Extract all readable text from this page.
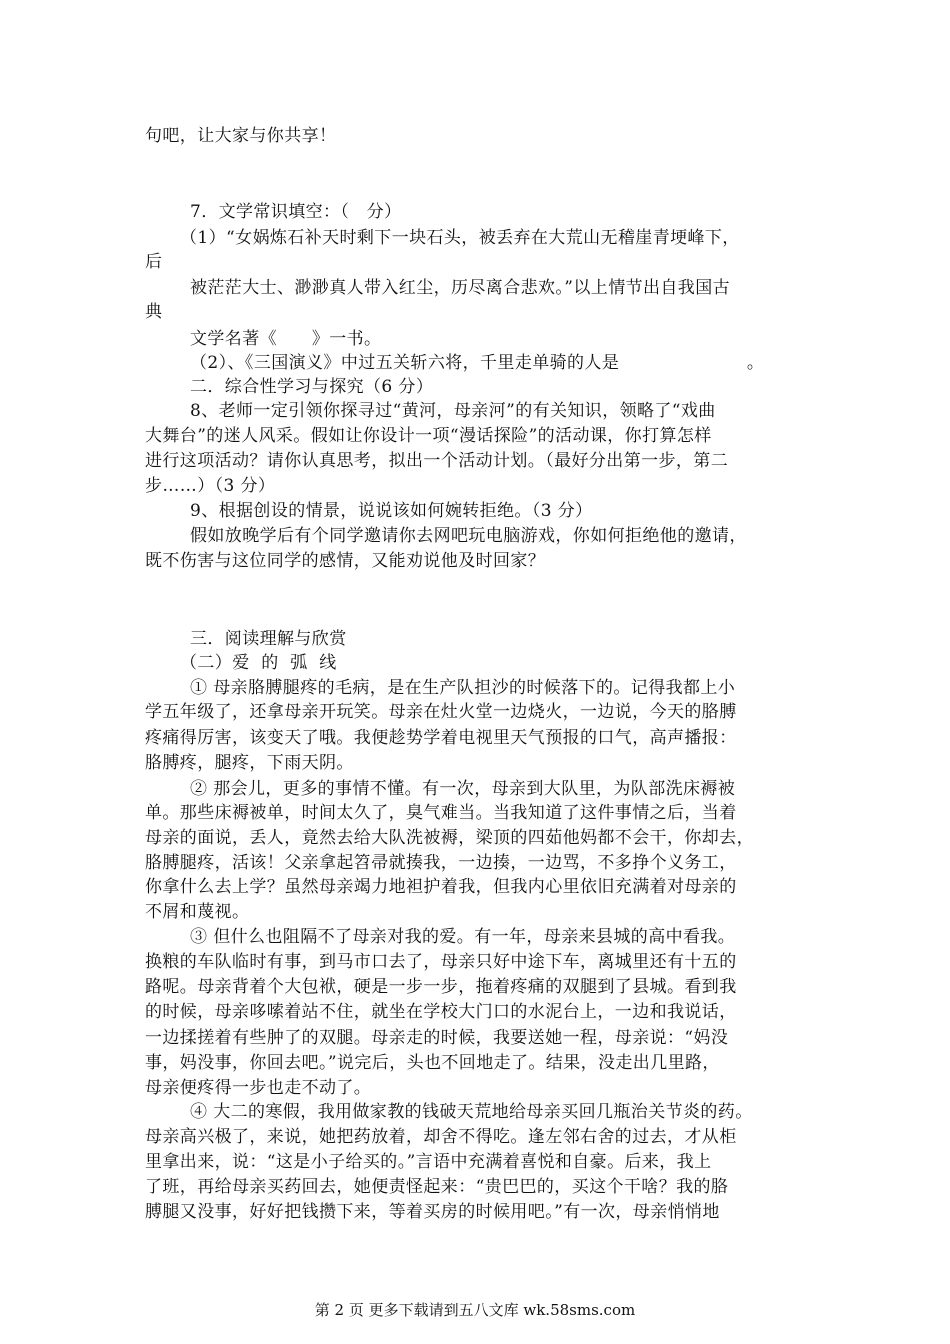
句吧，让大家与你共享！
7．文学常识填空：（   分）
（1）“女娲炼石补天时剩下一块石头，被丢弃在大荒山无稽崖青埂峰下，
后
被茫茫大士、渺渺真人带入红尘，历尽离合悲欢。”以上情节出自我国古
典
文学名著《      》一书。
（2）、《三国演义》中过五关斩六将，千里走单骑的人是                      。
二．综合性学习与探究（6 分）
8、老师一定引领你探寻过“黄河，母亲河”的有关知识，领略了“戏曲
大舞台”的迷人风采。假如让你设计一项“漫话探险”的活动课，你打算怎样
进行这项活动？请你认真思考，拟出一个活动计划。（最好分出第一步，第二
步……）（3 分）
9、根据创设的情景，说说该如何婉转拒绝。（3 分）
假如放晚学后有个同学邀请你去网吧玩电脑游戏，你如何拒绝他的邀请，
既不伤害与这位同学的感情，又能劝说他及时回家？
三．阅读理解与欣赏
（二）爱  的  弧  线
① 母亲胳膊腿疼的毛病，是在生产队担沙的时候落下的。记得我都上小
学五年级了，还拿母亲开玩笑。母亲在灶火堂一边烧火，一边说，今天的胳膊
疼痛得厉害，该变天了哦。我便趁势学着电视里天气预报的口气，高声播报：
胳膊疼，腿疼，下雨天阴。
② 那会儿，更多的事情不懂。有一次，母亲到大队里，为队部洗床褥被
单。那些床褥被单，时间太久了，臭气难当。当我知道了这件事情之后，当着
母亲的面说，丢人，竟然去给大队洗被褥，梁顶的四茹他妈都不会干，你却去，
胳膊腿疼，活该！父亲拿起笤帚就揍我，一边揍，一边骂，不多挣个义务工，
你拿什么去上学？虽然母亲竭力地袒护着我，但我内心里依旧充满着对母亲的
不屑和蔑视。
③ 但什么也阻隔不了母亲对我的爱。有一年，母亲来县城的高中看我。
换粮的车队临时有事，到马市口去了，母亲只好中途下车，离城里还有十五的
路呢。母亲背着个大包袱，硬是一步一步，拖着疼痛的双腿到了县城。看到我
的时候，母亲哆嗦着站不住，就坐在学校大门口的水泥台上，一边和我说话，
一边揉搓着有些肿了的双腿。母亲走的时候，我要送她一程，母亲说：“妈没
事，妈没事，你回去吧。”说完后，头也不回地走了。结果，没走出几里路，
母亲便疼得一步也走不动了。
④ 大二的寒假，我用做家教的钱破天荒地给母亲买回几瓶治关节炎的药。
母亲高兴极了，来说，她把药放着，却舍不得吃。逢左邻右舍的过去，才从柜
里拿出来，说：“这是小子给买的。”言语中充满着喜悦和自豪。后来，我上
了班，再给母亲买药回去，她便责怪起来：“贵巴巴的，买这个干啥？我的胳
膊腿又没事，好好把钱攒下来，等着买房的时候用吧。”有一次，母亲悄悄地
第 2 页 更多下载请到五八文库 wk.58sms.com
